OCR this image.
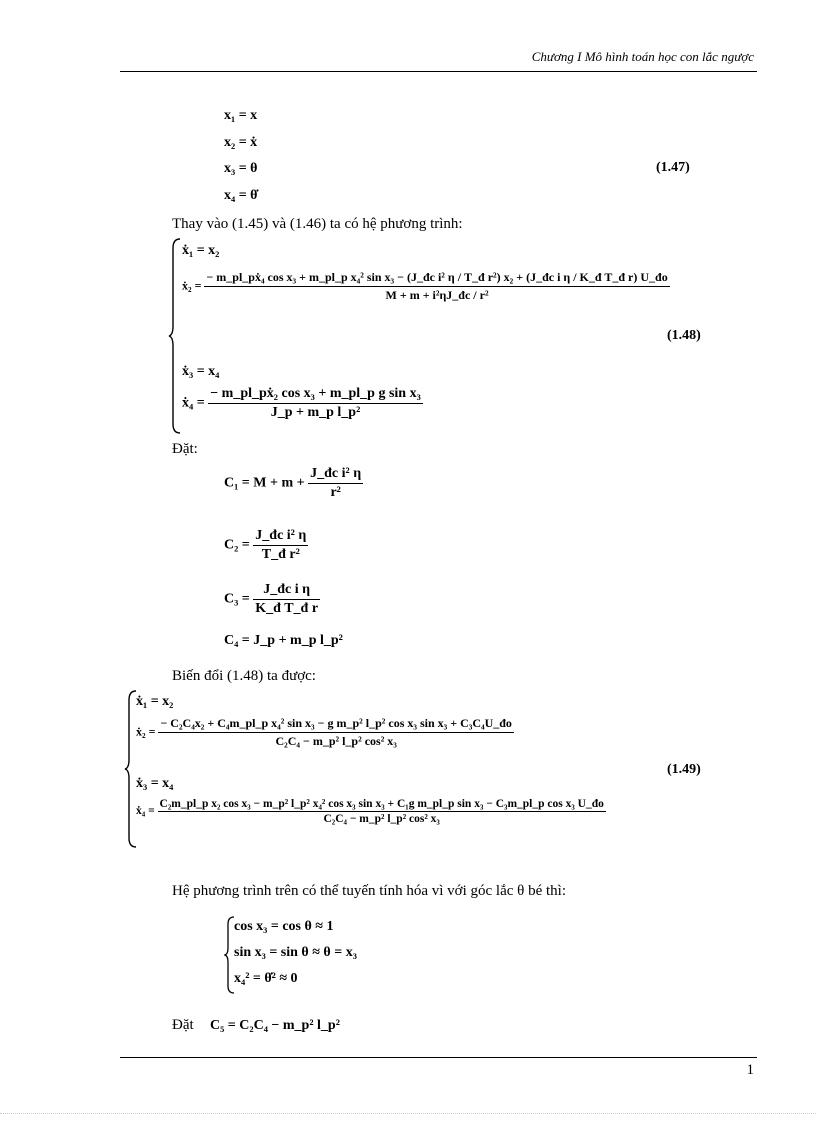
Chương I Mô hình toán học con lắc ngược
x₁ = x
x₂ = ẋ
x₃ = θ
x₄ = θ̇
(1.47)
Thay vào (1.45) và (1.46) ta có hệ phương trình:
ẋ₁ = x₂
ẋ₂ =
− m_pl_pẋ₄ cos x₃ + m_pl_p x₄² sin x₃ − (J_đc i² η / T_đ r²) x₂ + (J_đc i η / K_đ T_đ r) U_đo
M + m + i²ηJ_đc / r²
(1.48)
ẋ₃ = x₄
ẋ₄ = $\frac{\text{− m\_pl\_pẋ₂ cos x₃ + m\_pl\_p g sin x₃}}{\text{J\_p + m\_p l\_p²}}$
Đặt:
$C_1 = M + m + \frac{\text{J\_đc i² η}}{\text{r²}}$
$C_2 = \frac{\text{J\_đc i² η}}{\text{T\_đ r²}}$
$C_3 = \frac{\text{J\_đc i η}}{\text{K\_đ T\_đ r}}$
C₄ = J_p + m_p l_p²
Biến đổi (1.48) ta được:
ẋ₁ = x₂
ẋ₂ =
− C₂C₄x₂ + C₄m_pl_p x₄² sin x₃ − g m_p² l_p² cos x₃ sin x₃ + C₃C₄U_đo
C₂C₄ − m_p² l_p² cos² x₃
(1.49)
ẋ₃ = x₄
ẋ₄ =
C₂m_pl_p x₂ cos x₃ − m_p² l_p² x₄² cos x₃ sin x₃ + C₁g m_pl_p sin x₃ − C₃m_pl_p cos x₃ U_đo
C₂C₄ − m_p² l_p² cos² x₃
Hệ phương trình trên có thể tuyến tính hóa vì với góc lắc θ bé thì:
cos x₃ = cos θ ≈ 1
sin x₃ = sin θ ≈ θ = x₃
x₄² = θ̇² ≈ 0
Đặt C₅ = C₂C₄ − m_p² l_p²
1
